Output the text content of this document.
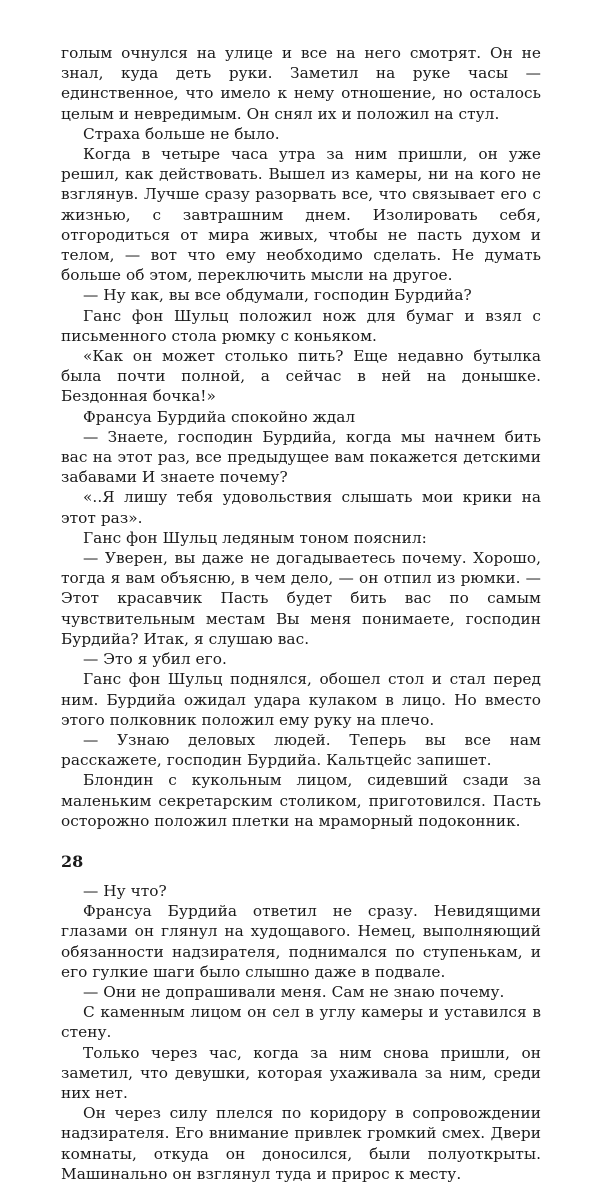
голым очнулся на улице и все на него смотрят. Он не знал, куда деть руки. Заметил на руке часы — единственное, что имело к нему отношение, но осталось целым и невредимым. Он снял их и положил на стул.

Страха больше не было.

Когда в четыре часа утра за ним пришли, он уже решил, как действовать. Вышел из камеры, ни на кого не взглянув. Лучше сразу разорвать все, что связывает его с жизнью, с завтрашним днем. Изолировать себя, отгородиться от мира живых, чтобы не пасть духом и телом, — вот что ему необходимо сделать. Не думать больше об этом, переключить мысли на другое.

— Ну как, вы все обдумали, господин Бурдийа?

Ганс фон Шульц положил нож для бумаг и взял с письменного стола рюмку с коньяком.

«Как он может столько пить? Еще недавно бутылка была почти полной, а сейчас в ней на донышке. Бездонная бочка!»

Франсуа Бурдийа спокойно ждал

— Знаете, господин Бурдийа, когда мы начнем бить вас на этот раз, все предыдущее вам покажется детскими забавами И знаете почему?

«..Я лишу тебя удовольствия слышать мои крики на этот раз».

Ганс фон Шульц ледяным тоном пояснил:

— Уверен, вы даже не догадываетесь почему. Хорошо, тогда я вам объясню, в чем дело, — он отпил из рюмки. — Этот красавчик Пасть будет бить вас по самым чувствительным местам Вы меня понимаете, господин Бурдийа? Итак, я слушаю вас.

— Это я убил его.

Ганс фон Шульц поднялся, обошел стол и стал перед ним. Бурдийа ожидал удара кулаком в лицо. Но вместо этого полковник положил ему руку на плечо.

— Узнаю деловых людей. Теперь вы все нам расскажете, господин Бурдийа. Кальтцейс запишет.

Блондин с кукольным лицом, сидевший сзади за маленьким секретарским столиком, приготовился. Пасть осторожно положил плетки на мраморный подоконник.

— Ну что?

Франсуа Бурдийа ответил не сразу. Невидящими глазами он глянул на худощавого. Немец, выполняющий обязанности надзирателя, поднимался по ступенькам, и его гулкие шаги было слышно даже в подвале.

— Они не допрашивали меня. Сам не знаю почему.

С каменным лицом он сел в углу камеры и уставился в стену.

Только через час, когда за ним снова пришли, он заметил, что девушки, которая ухаживала за ним, среди них нет.

Он через силу плелся по коридору в сопровождении надзирателя. Его внимание привлек громкий смех. Двери комнаты, откуда он доносился, были полуоткрыты. Машинально он взглянул туда и прирос к месту.

28
